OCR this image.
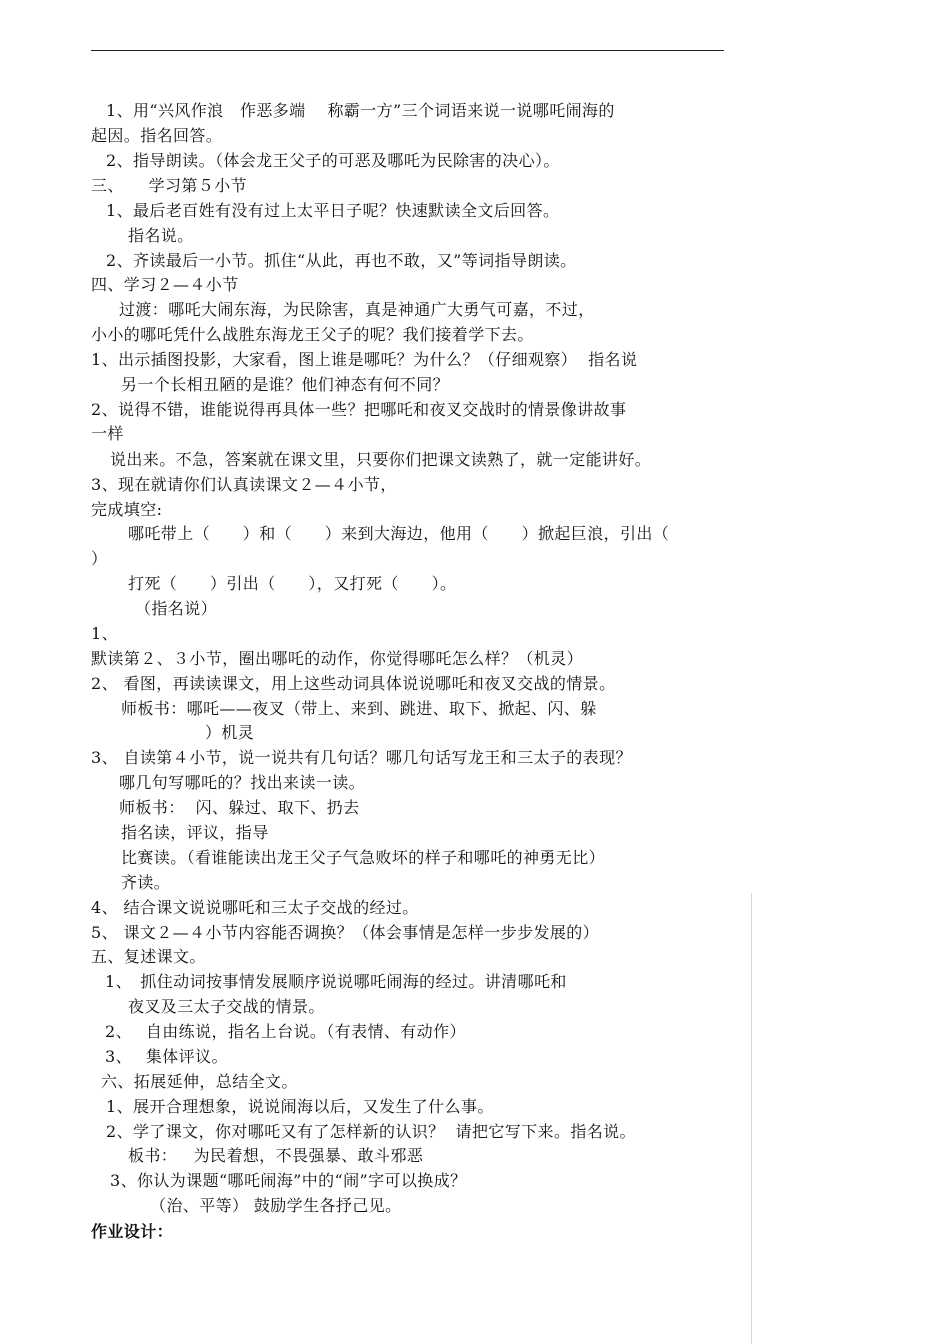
1、用“兴风作浪　作恶多端　 称霸一方”三个词语来说一说哪吒闹海的

起因。指名回答。

2、指导朗读。（体会龙王父子的可恶及哪吒为民除害的决心）。

三、　　学习第５小节

1、最后老百姓有没有过上太平日子呢？快速默读全文后回答。

指名说。

2、齐读最后一小节。抓住“从此，再也不敢，又”等词指导朗读。

四、学习２—４小节

过渡：哪吒大闹东海，为民除害，真是神通广大勇气可嘉，不过，

小小的哪吒凭什么战胜东海龙王父子的呢？我们接着学下去。

1、出示插图投影，大家看，图上谁是哪吒？为什么？（仔细观察）  指名说

另一个长相丑陋的是谁？他们神态有何不同？

2、说得不错，谁能说得再具体一些？把哪吒和夜叉交战时的情景像讲故事

一样

说出来。不急，答案就在课文里，只要你们把课文读熟了，就一定能讲好。

3、现在就请你们认真读课文２—４小节，

完成填空:

哪吒带上（　　）和（　　）来到大海边，他用（　　）掀起巨浪，引出（

）

打死（　　）引出（　　），又打死（　　）。

（指名说）

1、

默读第２、３小节，圈出哪吒的动作，你觉得哪吒怎么样？（机灵）

2、 看图，再读读课文，用上这些动词具体说说哪吒和夜叉交战的情景。

师板书：哪吒——夜叉（带上、来到、跳进、取下、掀起、闪、躲

）机灵

3、 自读第４小节，说一说共有几句话？哪几句话写龙王和三太子的表现？

哪几句写哪吒的？找出来读一读。

师板书：  闪、躲过、取下、扔去

指名读，评议，指导

比赛读。（看谁能读出龙王父子气急败坏的样子和哪吒的神勇无比）

齐读。

4、 结合课文说说哪吒和三太子交战的经过。

5、 课文２—４小节内容能否调换？（体会事情是怎样一步步发展的）

五、复述课文。

1、　抓住动词按事情发展顺序说说哪吒闹海的经过。讲清哪吒和

夜叉及三太子交战的情景。

2、　 自由练说，指名上台说。（有表情、有动作）

3、　 集体评议。

六、拓展延伸，总结全文。

1、展开合理想象，说说闹海以后，又发生了什么事。

2、学了课文，你对哪吒又有了怎样新的认识？  请把它写下来。指名说。

板书：   为民着想，不畏强暴、敢斗邪恶

3、你认为课题“哪吒闹海”中的“闹”字可以换成？

（治、平等） 鼓励学生各抒己见。

作业设计：
